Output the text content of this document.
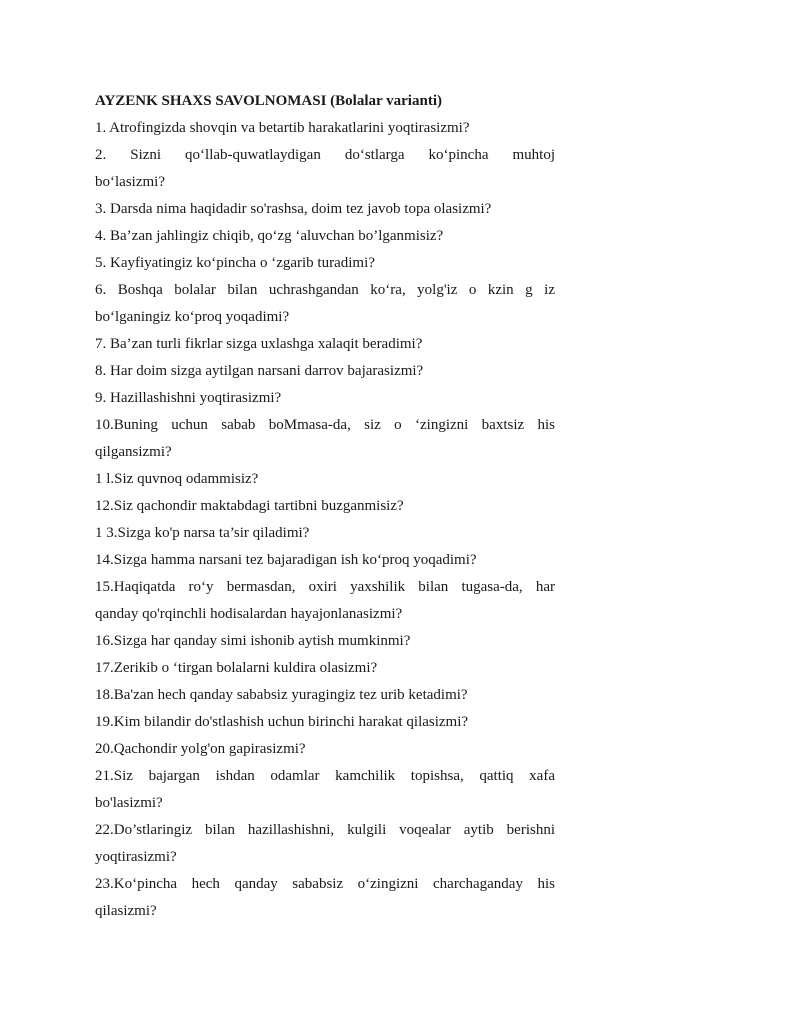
AYZENK SHAXS SAVOLNOMASI (Bolalar varianti)

1. Atrofingizda shovqin va betartib harakatlarini yoqtirasizmi?

2. Sizni qo‘llab-quwatlaydigan do‘stlarga ko‘pincha muhtoj
bo‘lasizmi?

3. Darsda nima haqidadir so'rashsa, doim tez javob topa olasizmi?

4. Ba’zan jahlingiz chiqib, qo‘zg ‘aluvchan bo’lganmisiz?

5. Kayfiyatingiz ko‘pincha o ‘zgarib turadimi?

6. Boshqa bolalar bilan uchrashgandan ko‘ra, yolg'iz o kzin g iz
bo‘lganingiz ko‘proq yoqadimi?

7. Ba’zan turli fikrlar sizga uxlashga xalaqit beradimi?

8. Har doim sizga aytilgan narsani darrov bajarasizmi?

9. Hazillashishni yoqtirasizmi?

10.Buning uchun sabab boMmasa-da, siz o ‘zingizni baxtsiz his
qilgansizmi?

1 l.Siz quvnoq odammisiz?

12.Siz qachondir maktabdagi tartibni buzganmisiz?

1 3.Sizga ko'p narsa ta’sir qiladimi?

14.Sizga hamma narsani tez bajaradigan ish ko‘proq yoqadimi?

15.Haqiqatda ro‘y bermasdan, oxiri yaxshilik bilan tugasa-da, har
qanday qo'rqinchli hodisalardan hayajonlanasizmi?

16.Sizga har qanday simi ishonib aytish mumkinmi?

17.Zerikib o ‘tirgan bolalarni kuldira olasizmi?

18.Ba'zan hech qanday sababsiz yuragingiz tez urib ketadimi?

19.Kim bilandir do'stlashish uchun birinchi harakat qilasizmi?

20.Qachondir yolg'on gapirasizmi?

21.Siz bajargan ishdan odamlar kamchilik topishsa, qattiq xafa
bo'lasizmi?

22.Do’stlaringiz bilan hazillashishni, kulgili voqealar aytib berishni
yoqtirasizmi?

23.Ko‘pincha hech qanday sababsiz o‘zingizni charchaganday his
qilasizmi?
